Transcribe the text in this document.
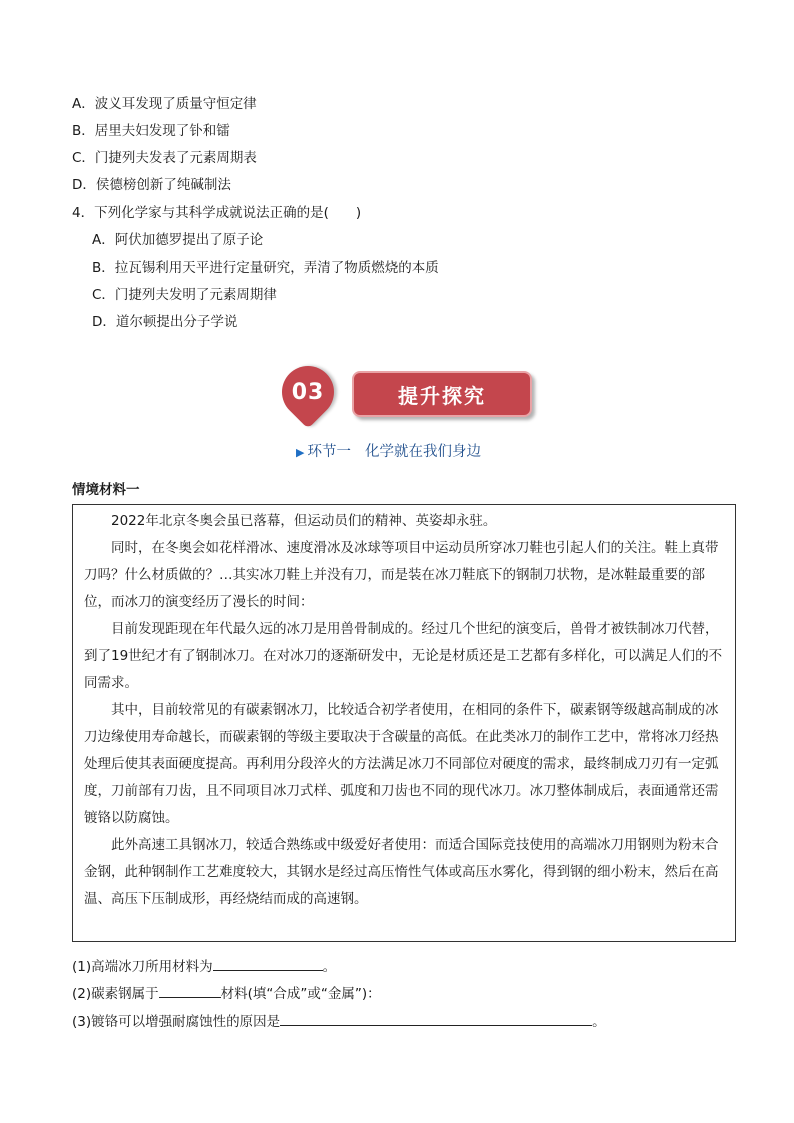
A．波义耳发现了质量守恒定律
B．居里夫妇发现了钋和镭
C．门捷列夫发表了元素周期表
D．侯德榜创新了纯碱制法
4．下列化学家与其科学成就说法正确的是(　　)
A．阿伏加德罗提出了原子论
B．拉瓦锡利用天平进行定量研究，弄清了物质燃烧的本质
C．门捷列夫发明了元素周期律
D．道尔顿提出分子学说
03	提升探究
▶ 环节一 化学就在我们身边
情境材料一

2022年北京冬奥会虽已落幕，但运动员们的精神、英姿却永驻。

同时，在冬奥会如花样滑冰、速度滑冰及冰球等项目中运动员所穿冰刀鞋也引起人们的关注。鞋上真带刀吗？什么材质做的？…其实冰刀鞋上并没有刀，而是装在冰刀鞋底下的钢制刀状物，是冰鞋最重要的部位，而冰刀的演变经历了漫长的时间：

目前发现距现在年代最久远的冰刀是用兽骨制成的。经过几个世纪的演变后，兽骨才被铁制冰刀代替，到了19世纪才有了钢制冰刀。在对冰刀的逐渐研发中，无论是材质还是工艺都有多样化，可以满足人们的不同需求。

其中，目前较常见的有碳素钢冰刀，比较适合初学者使用，在相同的条件下，碳素钢等级越高制成的冰刀边缘使用寿命越长，而碳素钢的等级主要取决于含碳量的高低。在此类冰刀的制作工艺中，常将冰刀经热处理后使其表面硬度提高。再利用分段淬火的方法满足冰刀不同部位对硬度的需求，最终制成刀刃有一定弧度，刀前部有刀齿，且不同项目冰刀式样、弧度和刀齿也不同的现代冰刀。冰刀整体制成后，表面通常还需镀铬以防腐蚀。

此外高速工具钢冰刀，较适合熟练或中级爱好者使用：而适合国际竞技使用的高端冰刀用钢则为粉末合金钢，此种钢制作工艺难度较大，其钢水是经过高压惰性气体或高压水雾化，得到钢的细小粉末，然后在高温、高压下压制成形，再经烧结而成的高速钢。

(1)高端冰刀所用材料为	。
(2)碳素钢属于	材料(填“合成”或“金属”)：
(3)镀铬可以增强耐腐蚀性的原因是	。
